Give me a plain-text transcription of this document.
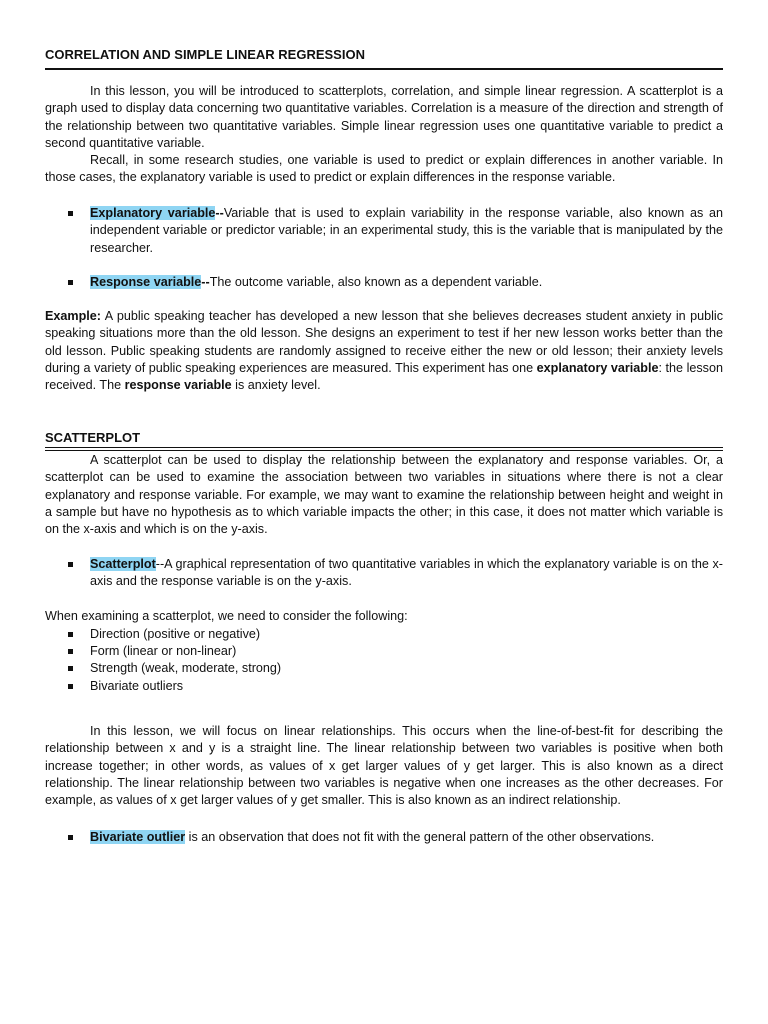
CORRELATION AND SIMPLE LINEAR REGRESSION

In this lesson, you will be introduced to scatterplots, correlation, and simple linear regression. A scatterplot is a graph used to display data concerning two quantitative variables. Correlation is a measure of the direction and strength of the relationship between two quantitative variables. Simple linear regression uses one quantitative variable to predict a second quantitative variable.

Recall, in some research studies, one variable is used to predict or explain differences in another variable. In those cases, the explanatory variable is used to predict or explain differences in the response variable.

Explanatory variable--Variable that is used to explain variability in the response variable, also known as an independent variable or predictor variable; in an experimental study, this is the variable that is manipulated by the researcher.

Response variable--The outcome variable, also known as a dependent variable.

Example: A public speaking teacher has developed a new lesson that she believes decreases student anxiety in public speaking situations more than the old lesson. She designs an experiment to test if her new lesson works better than the old lesson. Public speaking students are randomly assigned to receive either the new or old lesson; their anxiety levels during a variety of public speaking experiences are measured. This experiment has one explanatory variable: the lesson received. The response variable is anxiety level.

SCATTERPLOT

A scatterplot can be used to display the relationship between the explanatory and response variables. Or, a scatterplot can be used to examine the association between two variables in situations where there is not a clear explanatory and response variable. For example, we may want to examine the relationship between height and weight in a sample but have no hypothesis as to which variable impacts the other; in this case, it does not matter which variable is on the x-axis and which is on the y-axis.

Scatterplot--A graphical representation of two quantitative variables in which the explanatory variable is on the x-axis and the response variable is on the y-axis.

When examining a scatterplot, we need to consider the following:

Direction (positive or negative)

Form (linear or non-linear)

Strength (weak, moderate, strong)

Bivariate outliers

In this lesson, we will focus on linear relationships. This occurs when the line-of-best-fit for describing the relationship between x and y is a straight line. The linear relationship between two variables is positive when both increase together; in other words, as values of x get larger values of y get larger. This is also known as a direct relationship. The linear relationship between two variables is negative when one increases as the other decreases. For example, as values of x get larger values of y get smaller. This is also known as an indirect relationship.

Bivariate outlier is an observation that does not fit with the general pattern of the other observations.
